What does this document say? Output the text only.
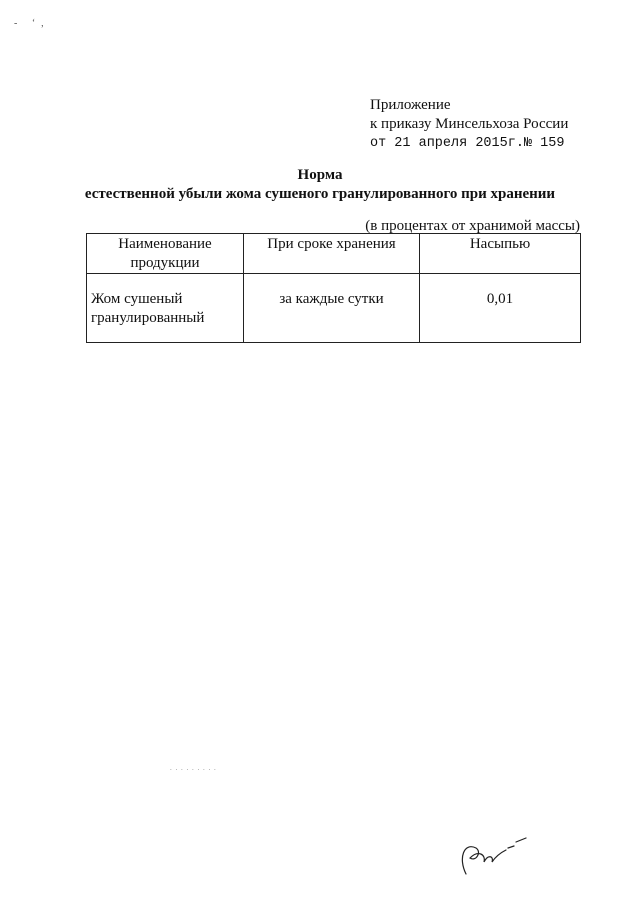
- ʻ,
Приложение
к приказу Минсельхоза России
от 21 апреля 2015г.№ 159
Норма
естественной убыли жома сушеного гранулированного при хранении
(в процентах от хранимой массы)
Наименование продукции	При сроке хранения	Насыпью
Жом сушеный гранулированный	за каждые сутки	0,01
. . . . . . . . .
